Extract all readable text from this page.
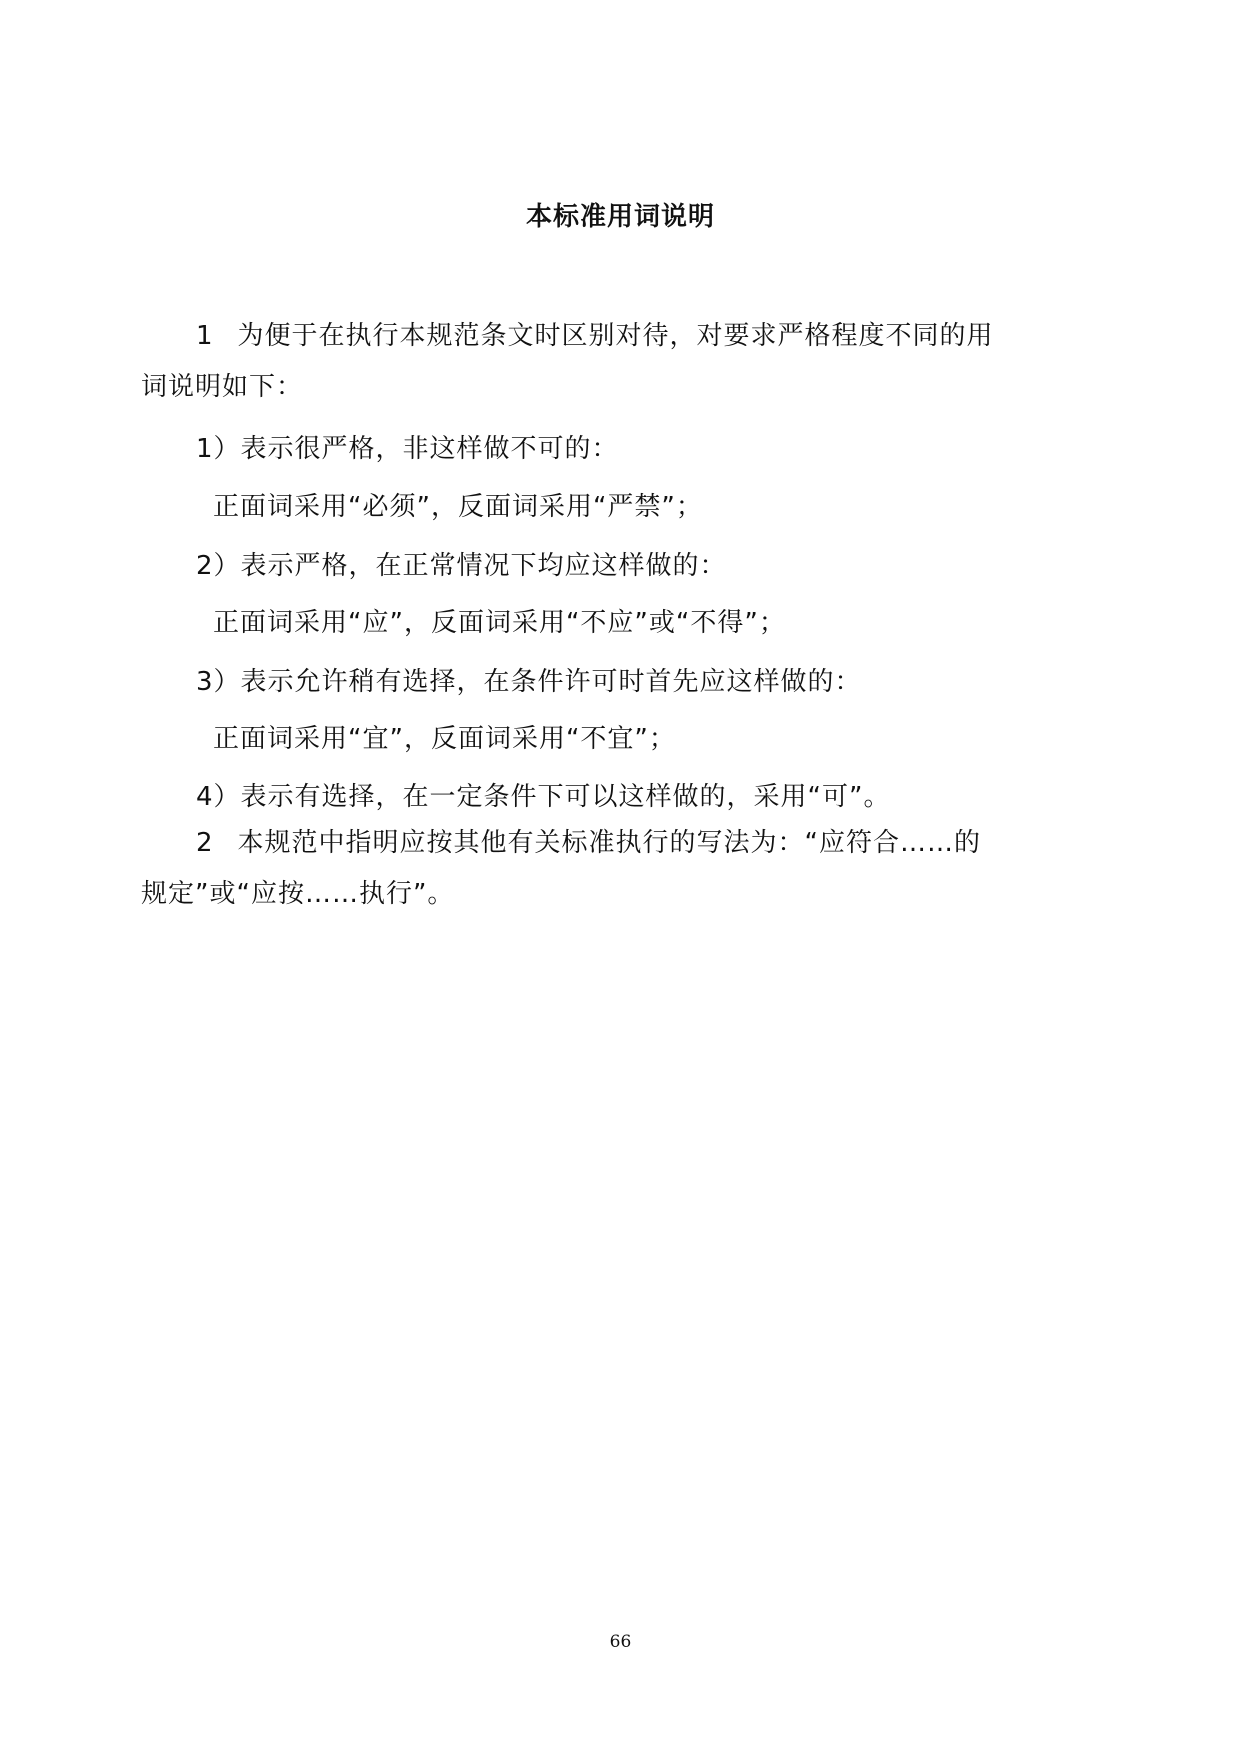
本标准用词说明
1 为便于在执行本规范条文时区别对待，对要求严格程度不同的用
词说明如下：
1）表示很严格，非这样做不可的：
正面词采用“必须”，反面词采用“严禁”；
2）表示严格，在正常情况下均应这样做的：
正面词采用“应”，反面词采用“不应”或“不得”；
3）表示允许稍有选择，在条件许可时首先应这样做的：
正面词采用“宜”，反面词采用“不宜”；
4）表示有选择，在一定条件下可以这样做的，采用“可”。
2 本规范中指明应按其他有关标准执行的写法为：“应符合……的
规定”或“应按……执行”。
66
